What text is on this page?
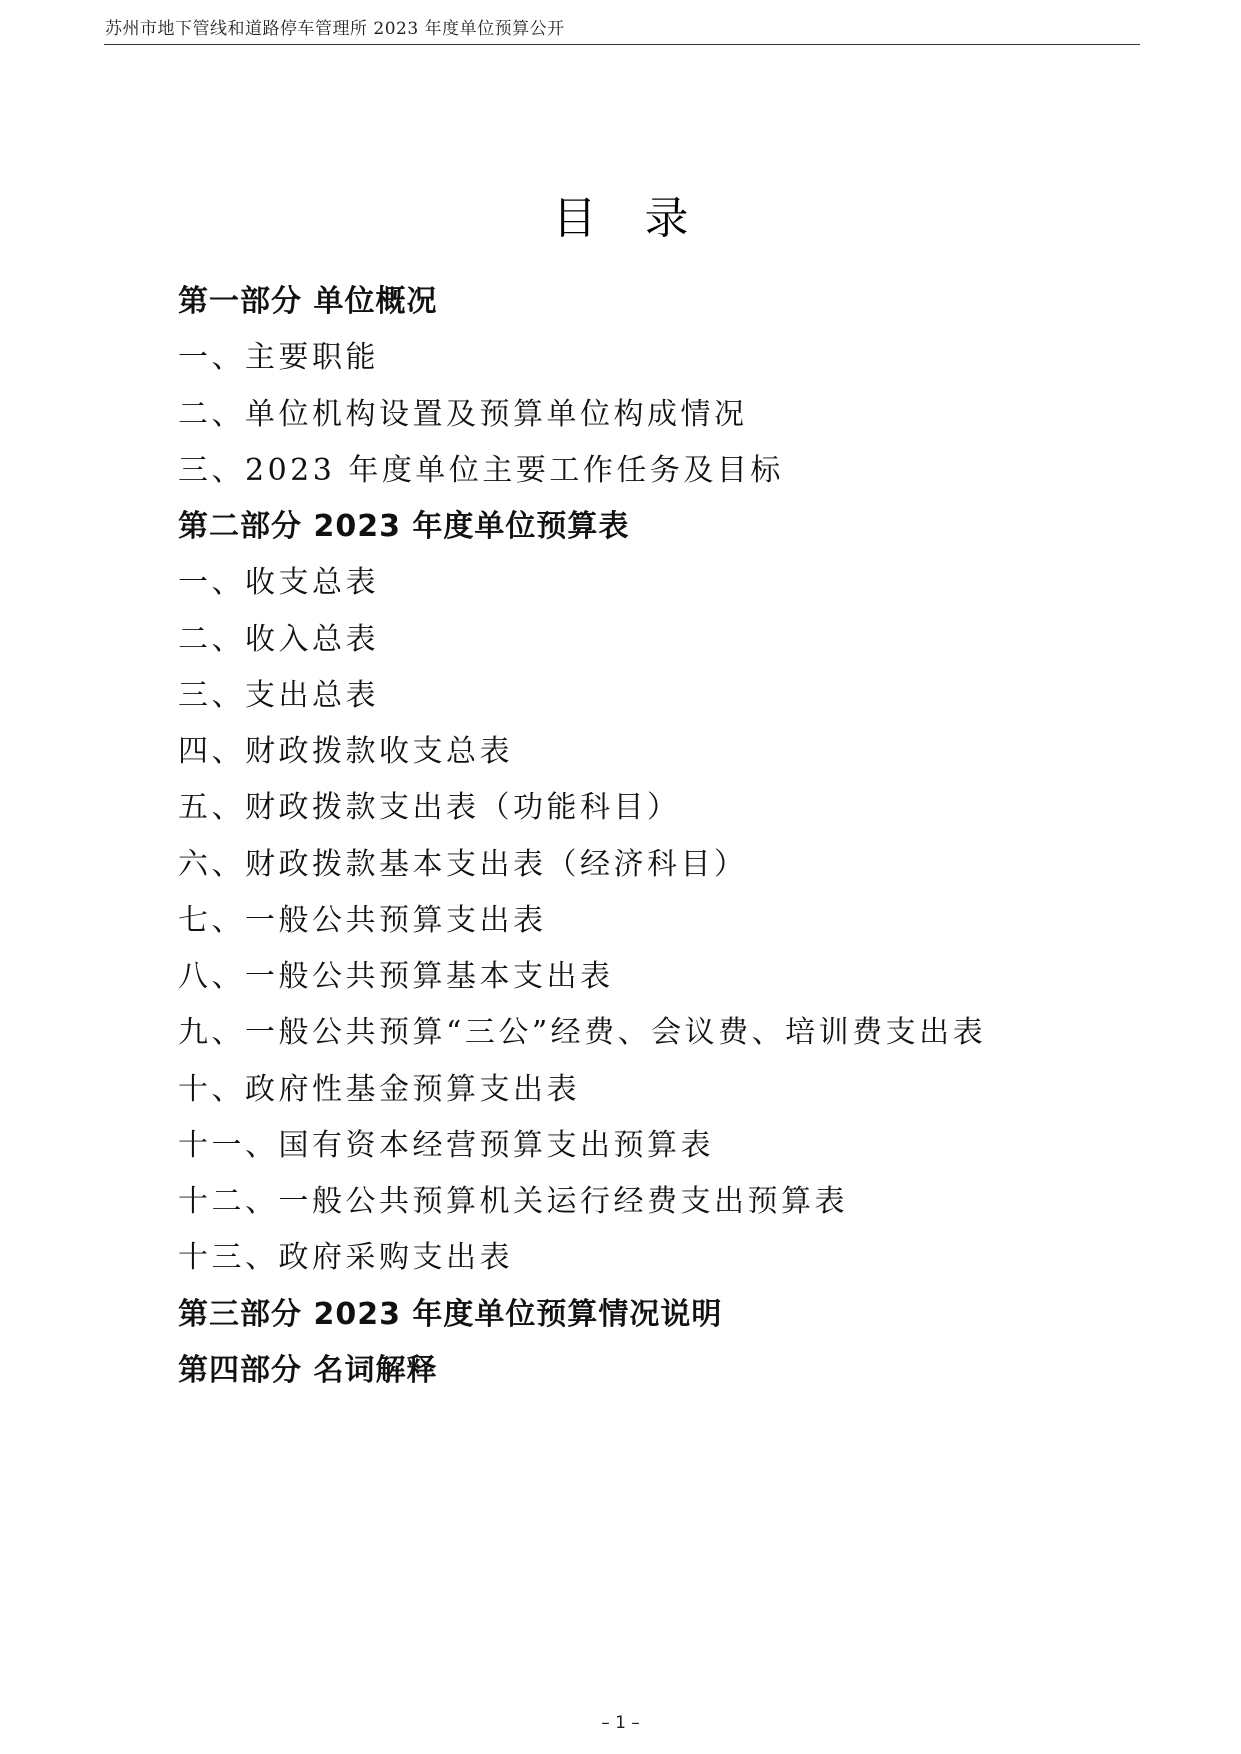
苏州市地下管线和道路停车管理所 2023 年度单位预算公开
目录
第一部分 单位概况
一、主要职能
二、单位机构设置及预算单位构成情况
三、2023 年度单位主要工作任务及目标
第二部分 2023 年度单位预算表
一、收支总表
二、收入总表
三、支出总表
四、财政拨款收支总表
五、财政拨款支出表（功能科目）
六、财政拨款基本支出表（经济科目）
七、一般公共预算支出表
八、一般公共预算基本支出表
九、一般公共预算“三公”经费、会议费、培训费支出表
十、政府性基金预算支出表
十一、国有资本经营预算支出预算表
十二、一般公共预算机关运行经费支出预算表
十三、政府采购支出表
第三部分 2023 年度单位预算情况说明
第四部分 名词解释
– 1 –
